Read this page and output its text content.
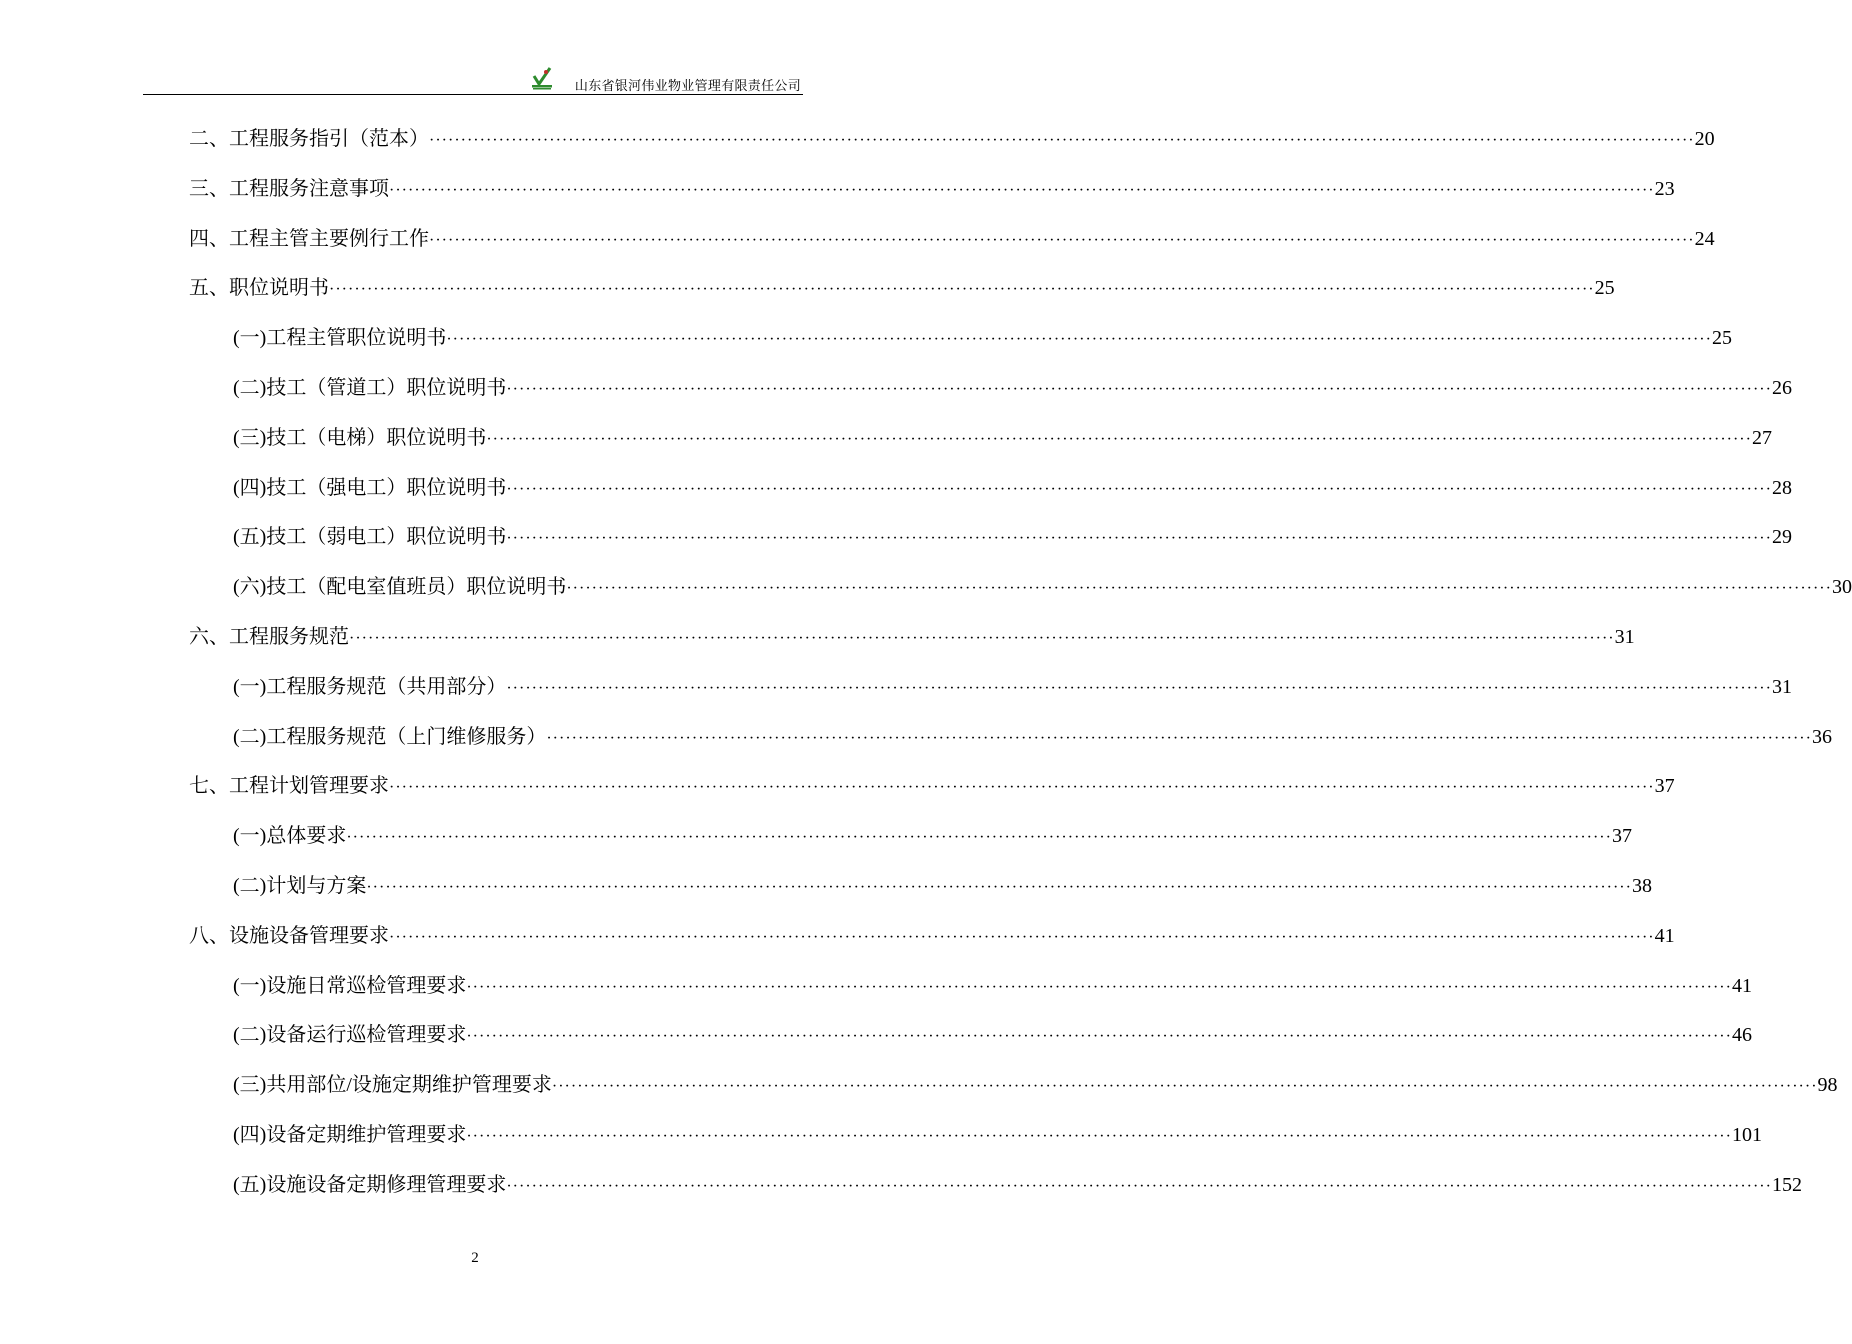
山东省银河伟业物业管理有限责任公司
二、工程服务指引（范本） ········································································································································································································ 20
三、工程服务注意事项 ········································································································································································································ 23
四、工程主管主要例行工作 ········································································································································································································ 24
五、职位说明书 ········································································································································································································ 25
(一)工程主管职位说明书 ········································································································································································································ 25
(二)技工（管道工）职位说明书 ········································································································································································································ 26
(三)技工（电梯）职位说明书 ········································································································································································································ 27
(四)技工（强电工）职位说明书 ········································································································································································································ 28
(五)技工（弱电工）职位说明书 ········································································································································································································ 29
(六)技工（配电室值班员）职位说明书 ········································································································································································································ 30
六、工程服务规范 ········································································································································································································ 31
(一)工程服务规范（共用部分） ········································································································································································································ 31
(二)工程服务规范（上门维修服务） ········································································································································································································ 36
七、工程计划管理要求 ········································································································································································································ 37
(一)总体要求 ········································································································································································································ 37
(二)计划与方案 ········································································································································································································ 38
八、设施设备管理要求 ········································································································································································································ 41
(一)设施日常巡检管理要求 ········································································································································································································ 41
(二)设备运行巡检管理要求 ········································································································································································································ 46
(三)共用部位/设施定期维护管理要求 ········································································································································································································ 98
(四)设备定期维护管理要求 ········································································································································································································ 101
(五)设施设备定期修理管理要求 ········································································································································································································ 152
2
